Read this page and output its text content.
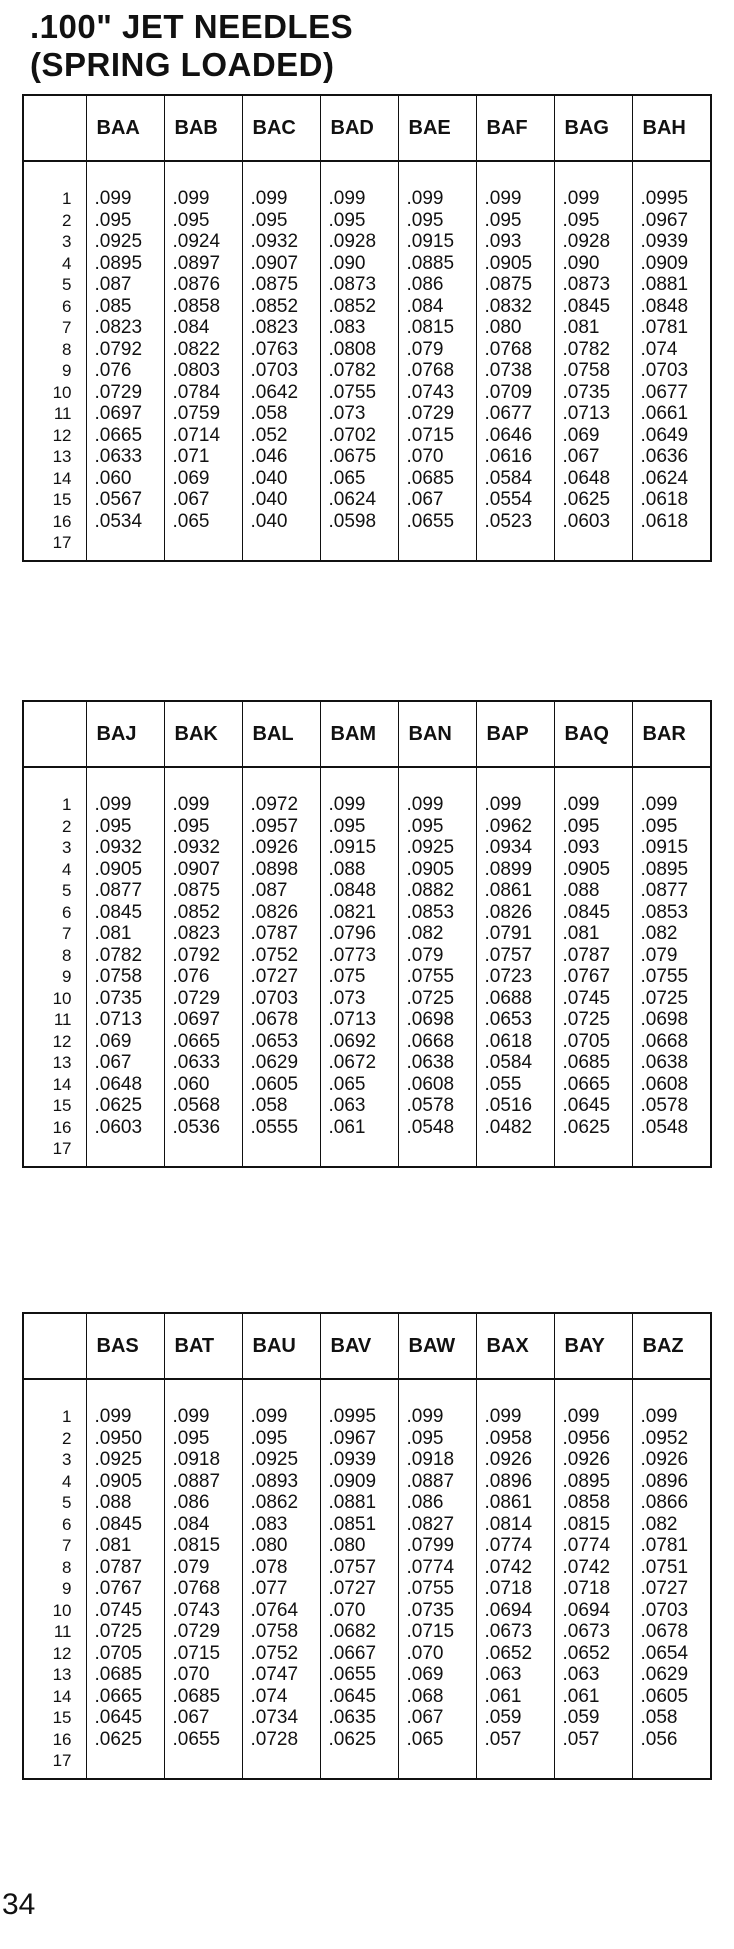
.100" JET NEEDLES
(SPRING LOADED)
	BAA	BAB	BAC	BAD	BAE	BAF	BAG	BAH
1	.099	.099	.099	.099	.099	.099	.099	.0995
2	.095	.095	.095	.095	.095	.095	.095	.0967
3	.0925	.0924	.0932	.0928	.0915	.093	.0928	.0939
4	.0895	.0897	.0907	.090	.0885	.0905	.090	.0909
5	.087	.0876	.0875	.0873	.086	.0875	.0873	.0881
6	.085	.0858	.0852	.0852	.084	.0832	.0845	.0848
7	.0823	.084	.0823	.083	.0815	.080	.081	.0781
8	.0792	.0822	.0763	.0808	.079	.0768	.0782	.074
9	.076	.0803	.0703	.0782	.0768	.0738	.0758	.0703
10	.0729	.0784	.0642	.0755	.0743	.0709	.0735	.0677
11	.0697	.0759	.058	.073	.0729	.0677	.0713	.0661
12	.0665	.0714	.052	.0702	.0715	.0646	.069	.0649
13	.0633	.071	.046	.0675	.070	.0616	.067	.0636
14	.060	.069	.040	.065	.0685	.0584	.0648	.0624
15	.0567	.067	.040	.0624	.067	.0554	.0625	.0618
16	.0534	.065	.040	.0598	.0655	.0523	.0603	.0618
17								
	BAJ	BAK	BAL	BAM	BAN	BAP	BAQ	BAR
1	.099	.099	.0972	.099	.099	.099	.099	.099
2	.095	.095	.0957	.095	.095	.0962	.095	.095
3	.0932	.0932	.0926	.0915	.0925	.0934	.093	.0915
4	.0905	.0907	.0898	.088	.0905	.0899	.0905	.0895
5	.0877	.0875	.087	.0848	.0882	.0861	.088	.0877
6	.0845	.0852	.0826	.0821	.0853	.0826	.0845	.0853
7	.081	.0823	.0787	.0796	.082	.0791	.081	.082
8	.0782	.0792	.0752	.0773	.079	.0757	.0787	.079
9	.0758	.076	.0727	.075	.0755	.0723	.0767	.0755
10	.0735	.0729	.0703	.073	.0725	.0688	.0745	.0725
11	.0713	.0697	.0678	.0713	.0698	.0653	.0725	.0698
12	.069	.0665	.0653	.0692	.0668	.0618	.0705	.0668
13	.067	.0633	.0629	.0672	.0638	.0584	.0685	.0638
14	.0648	.060	.0605	.065	.0608	.055	.0665	.0608
15	.0625	.0568	.058	.063	.0578	.0516	.0645	.0578
16	.0603	.0536	.0555	.061	.0548	.0482	.0625	.0548
17								
	BAS	BAT	BAU	BAV	BAW	BAX	BAY	BAZ
1	.099	.099	.099	.0995	.099	.099	.099	.099
2	.0950	.095	.095	.0967	.095	.0958	.0956	.0952
3	.0925	.0918	.0925	.0939	.0918	.0926	.0926	.0926
4	.0905	.0887	.0893	.0909	.0887	.0896	.0895	.0896
5	.088	.086	.0862	.0881	.086	.0861	.0858	.0866
6	.0845	.084	.083	.0851	.0827	.0814	.0815	.082
7	.081	.0815	.080	.080	.0799	.0774	.0774	.0781
8	.0787	.079	.078	.0757	.0774	.0742	.0742	.0751
9	.0767	.0768	.077	.0727	.0755	.0718	.0718	.0727
10	.0745	.0743	.0764	.070	.0735	.0694	.0694	.0703
11	.0725	.0729	.0758	.0682	.0715	.0673	.0673	.0678
12	.0705	.0715	.0752	.0667	.070	.0652	.0652	.0654
13	.0685	.070	.0747	.0655	.069	.063	.063	.0629
14	.0665	.0685	.074	.0645	.068	.061	.061	.0605
15	.0645	.067	.0734	.0635	.067	.059	.059	.058
16	.0625	.0655	.0728	.0625	.065	.057	.057	.056
17								
34
